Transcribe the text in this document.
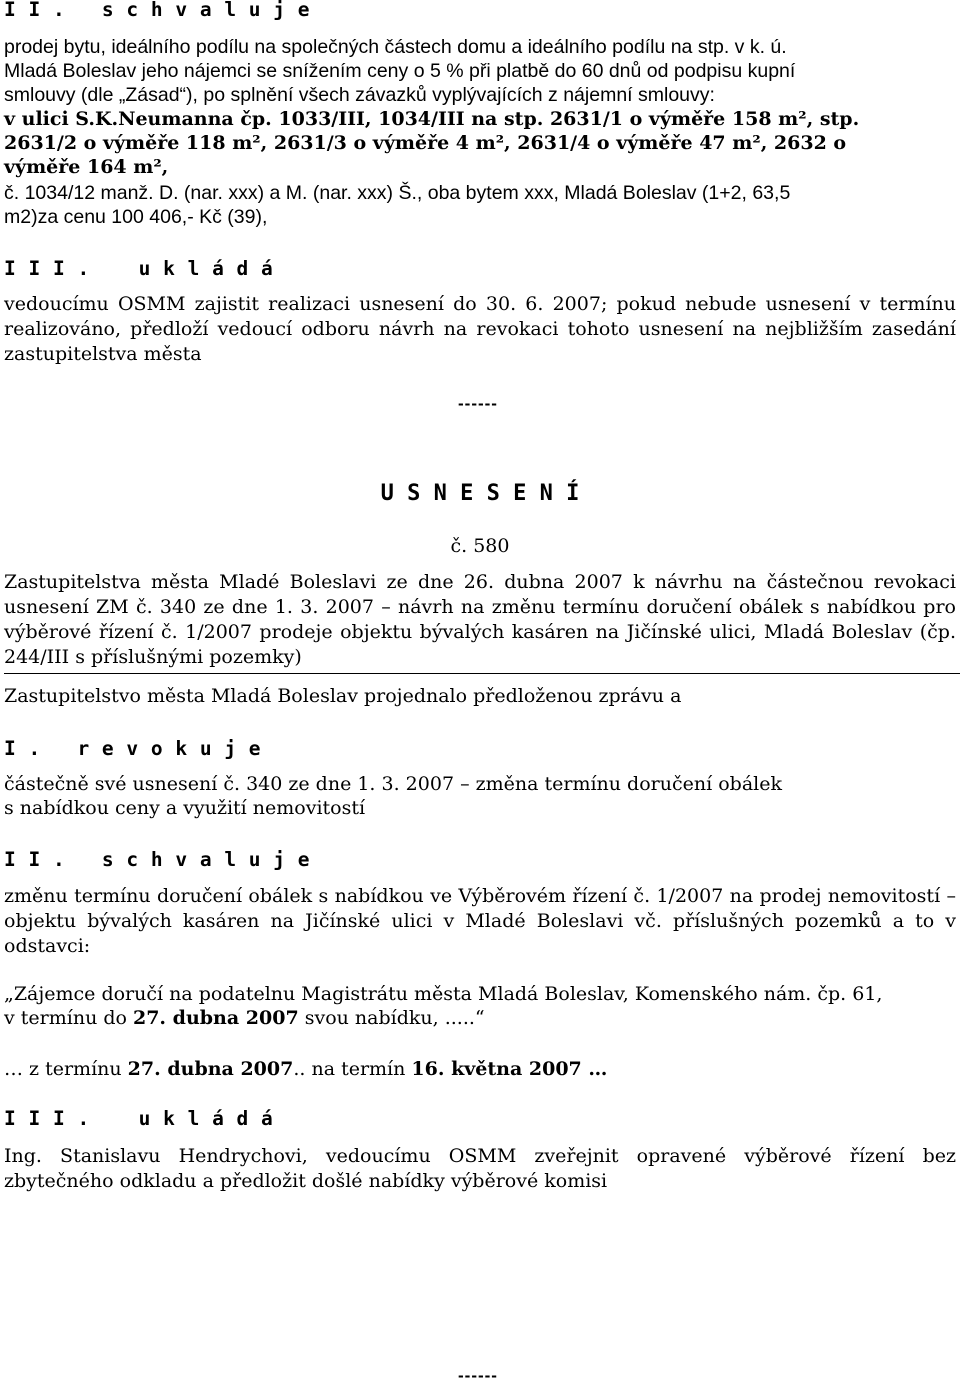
I I .   s c h v a l u j e

prodej bytu, ideálního podílu na společných částech domu a ideálního podílu na stp. v k. ú.
Mladá Boleslav jeho nájemci se snížením ceny o 5 % při platbě do 60 dnů od podpisu kupní
smlouvy (dle „Zásad“), po splnění všech závazků vyplývajících z nájemní smlouvy:
v ulici S.K.Neumanna čp. 1033/III, 1034/III na stp. 2631/1 o výměře 158 m², stp.
2631/2 o výměře 118 m², 2631/3 o výměře 4 m², 2631/4 o výměře 47 m², 2632 o
výměře 164 m²,
č. 1034/12 manž. D. (nar. xxx) a M. (nar. xxx) Š., oba bytem xxx, Mladá Boleslav (1+2, 63,5
m2)za cenu 100 406,- Kč (39),

I I I .    u k l á d á

vedoucímu OSMM zajistit realizaci usnesení do 30. 6. 2007; pokud nebude usnesení v termínu realizováno, předloží vedoucí odboru návrh na revokaci tohoto usnesení na nejbližším zasedání zastupitelstva města

------
U S N E S E N Í
č. 580

Zastupitelstva města Mladé Boleslavi ze dne 26. dubna 2007 k návrhu na částečnou revokaci usnesení ZM č. 340 ze dne 1. 3. 2007 – návrh na změnu termínu doručení obálek s nabídkou pro výběrové řízení č. 1/2007 prodeje objektu bývalých kasáren na Jičínské ulici, Mladá Boleslav (čp. 244/III s příslušnými pozemky)

Zastupitelstvo města Mladá Boleslav projednalo předloženou zprávu a

I .   r e v o k u j e

částečně své usnesení č. 340 ze dne 1. 3. 2007 – změna termínu doručení obálek
s nabídkou ceny a využití nemovitostí

I I .   s c h v a l u j e

změnu termínu doručení obálek s nabídkou ve Výběrovém řízení č. 1/2007 na prodej nemovitostí – objektu bývalých kasáren na Jičínské ulici v Mladé Boleslavi vč. příslušných pozemků a to v odstavci:

„Zájemce doručí na podatelnu Magistrátu města Mladá Boleslav, Komenského nám. čp. 61,
v termínu do 27. dubna 2007 svou nabídku, .....“
… z termínu 27. dubna 2007.. na termín 16. května 2007 …

I I I .    u k l á d á

Ing. Stanislavu Hendrychovi, vedoucímu OSMM zveřejnit opravené výběrové řízení bez zbytečného odkladu a předložit došlé nabídky výběrové komisi

------
